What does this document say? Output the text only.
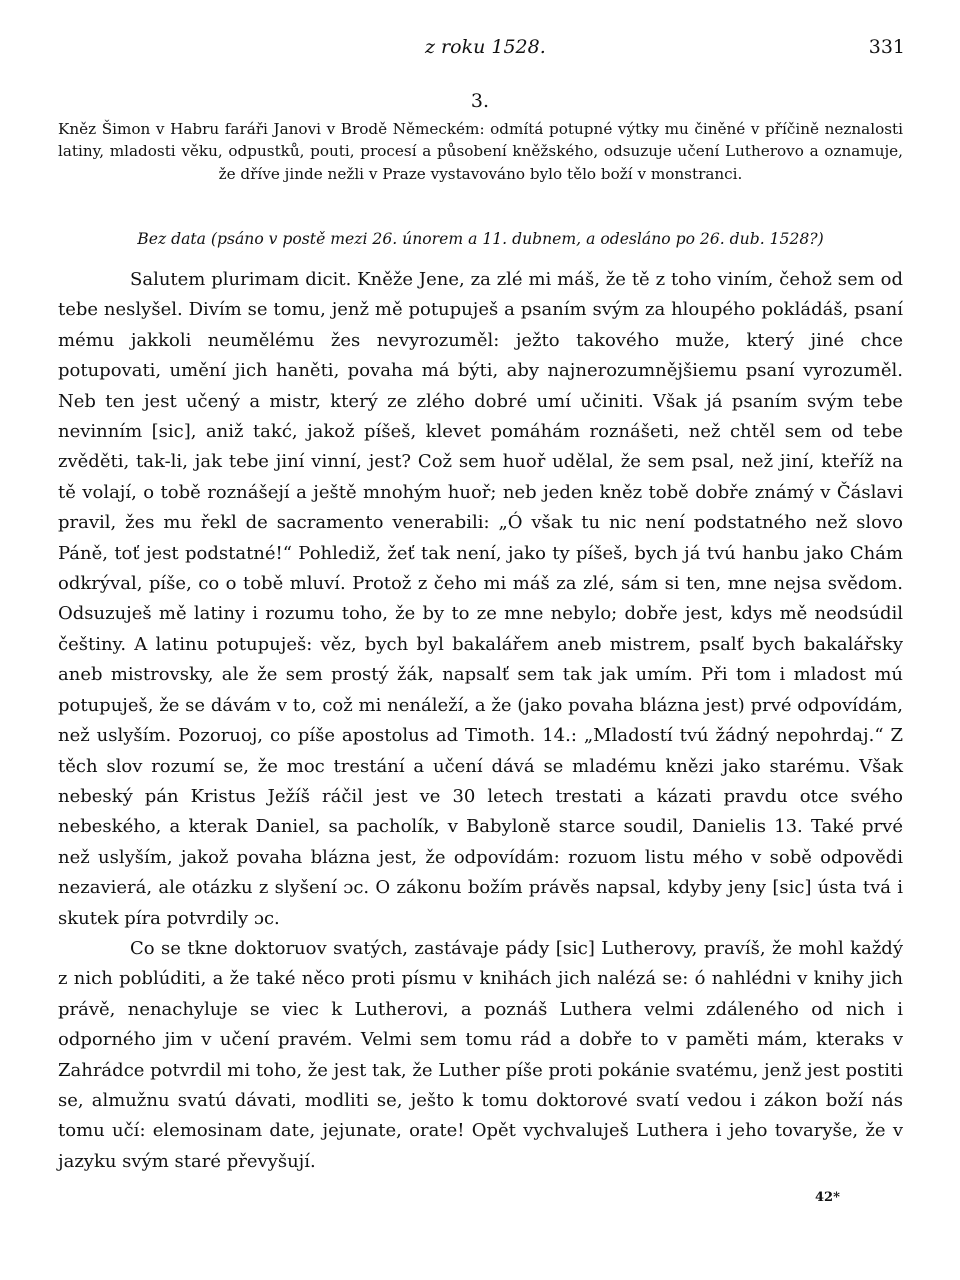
z roku 1528.	331
3.
Kněz Šimon v Habru faráři Janovi v Brodě Německém: odmítá potupné výtky mu činěné v příčině neznalosti latiny, mladosti věku, odpustků, pouti, procesí a působení kněžského, odsuzuje učení Lutherovo a oznamuje, že dříve jinde nežli v Praze vystavováno bylo tělo boží v monstranci.
Bez data (psáno v postě mezi 26. únorem a 11. dubnem, a odesláno po 26. dub. 1528?)

Salutem plurimam dicit. Kněže Jene, za zlé mi máš, že tě z toho viním, čehož sem od tebe neslyšel. Divím se tomu, jenž mě potupuješ a psaním svým za hloupého pokládáš, psaní mému jakkoli neumělému žes nevyrozuměl: ježto takového muže, který jiné chce potupovati, umění jich haněti, povaha má býti, aby najnerozumnějšiemu psaní vyrozuměl. Neb ten jest učený a mistr, který ze zlého dobré umí učiniti. Však já psaním svým tebe nevinním [sic], aniž takć, jakož píšeš, klevet pomáhám roznášeti, než chtěl sem od tebe zvěděti, tak-li, jak tebe jiní vinní, jest? Což sem huoř udělal, že sem psal, než jiní, kteříž na tě volají, o tobě roznášejí a ještě mnohým huoř; neb jeden kněz tobě dobře známý v Čáslavi pravil, žes mu řekl de sacramento venerabili: „Ó však tu nic není podstatného než slovo Páně, toť jest podstatné!“ Pohlediž, žeť tak není, jako ty píšeš, bych já tvú hanbu jako Chám odkrýval, píše, co o tobě mluví. Protož z čeho mi máš za zlé, sám si ten, mne nejsa svědom. Odsuzuješ mě latiny i rozumu toho, že by to ze mne nebylo; dobře jest, kdys mě neodsúdil češtiny. A latinu potupuješ: věz, bych byl bakalářem aneb mistrem, psalť bych bakalářsky aneb mistrovsky, ale že sem prostý žák, napsalť sem tak jak umím. Při tom i mladost mú potupuješ, že se dávám v to, což mi nenáleží, a že (jako povaha blázna jest) prvé odpovídám, než uslyším. Pozoruoj, co píše apostolus ad Timoth. 14.: „Mladostí tvú žádný nepohrdaj.“ Z těch slov rozumí se, že moc trestání a učení dává se mladému knězi jako starému. Však nebeský pán Kristus Ježíš ráčil jest ve 30 letech trestati a kázati pravdu otce svého nebeského, a kterak Daniel, sa pacholík, v Babyloně starce soudil, Danielis 13. Také prvé než uslyším, jakož povaha blázna jest, že odpovídám: rozuom listu mého v sobě odpovědi nezavierá, ale otázku z slyšení ɔc. O zákonu božím právěs napsal, kdyby jeny [sic] ústa tvá i skutek píra potvrdily ɔc.

Co se tkne doktoruov svatých, zastávaje pády [sic] Lutherovy, pravíš, že mohl každý z nich poblúditi, a že také něco proti písmu v knihách jich nalézá se: ó nahlédni v knihy jich právě, nenachyluje se viec k Lutherovi, a poznáš Luthera velmi zdáleného od nich i odporného jim v učení pravém. Velmi sem tomu rád a dobře to v paměti mám, kteraks v Zahrádce potvrdil mi toho, že jest tak, že Luther píše proti pokánie svatému, jenž jest postiti se, almužnu svatú dávati, modliti se, ješto k tomu doktorové svatí vedou i zákon boží nás tomu učí: elemosinam date, jejunate, orate! Opět vychvaluješ Luthera i jeho tovaryše, že v jazyku svým staré převyšují.

42*
